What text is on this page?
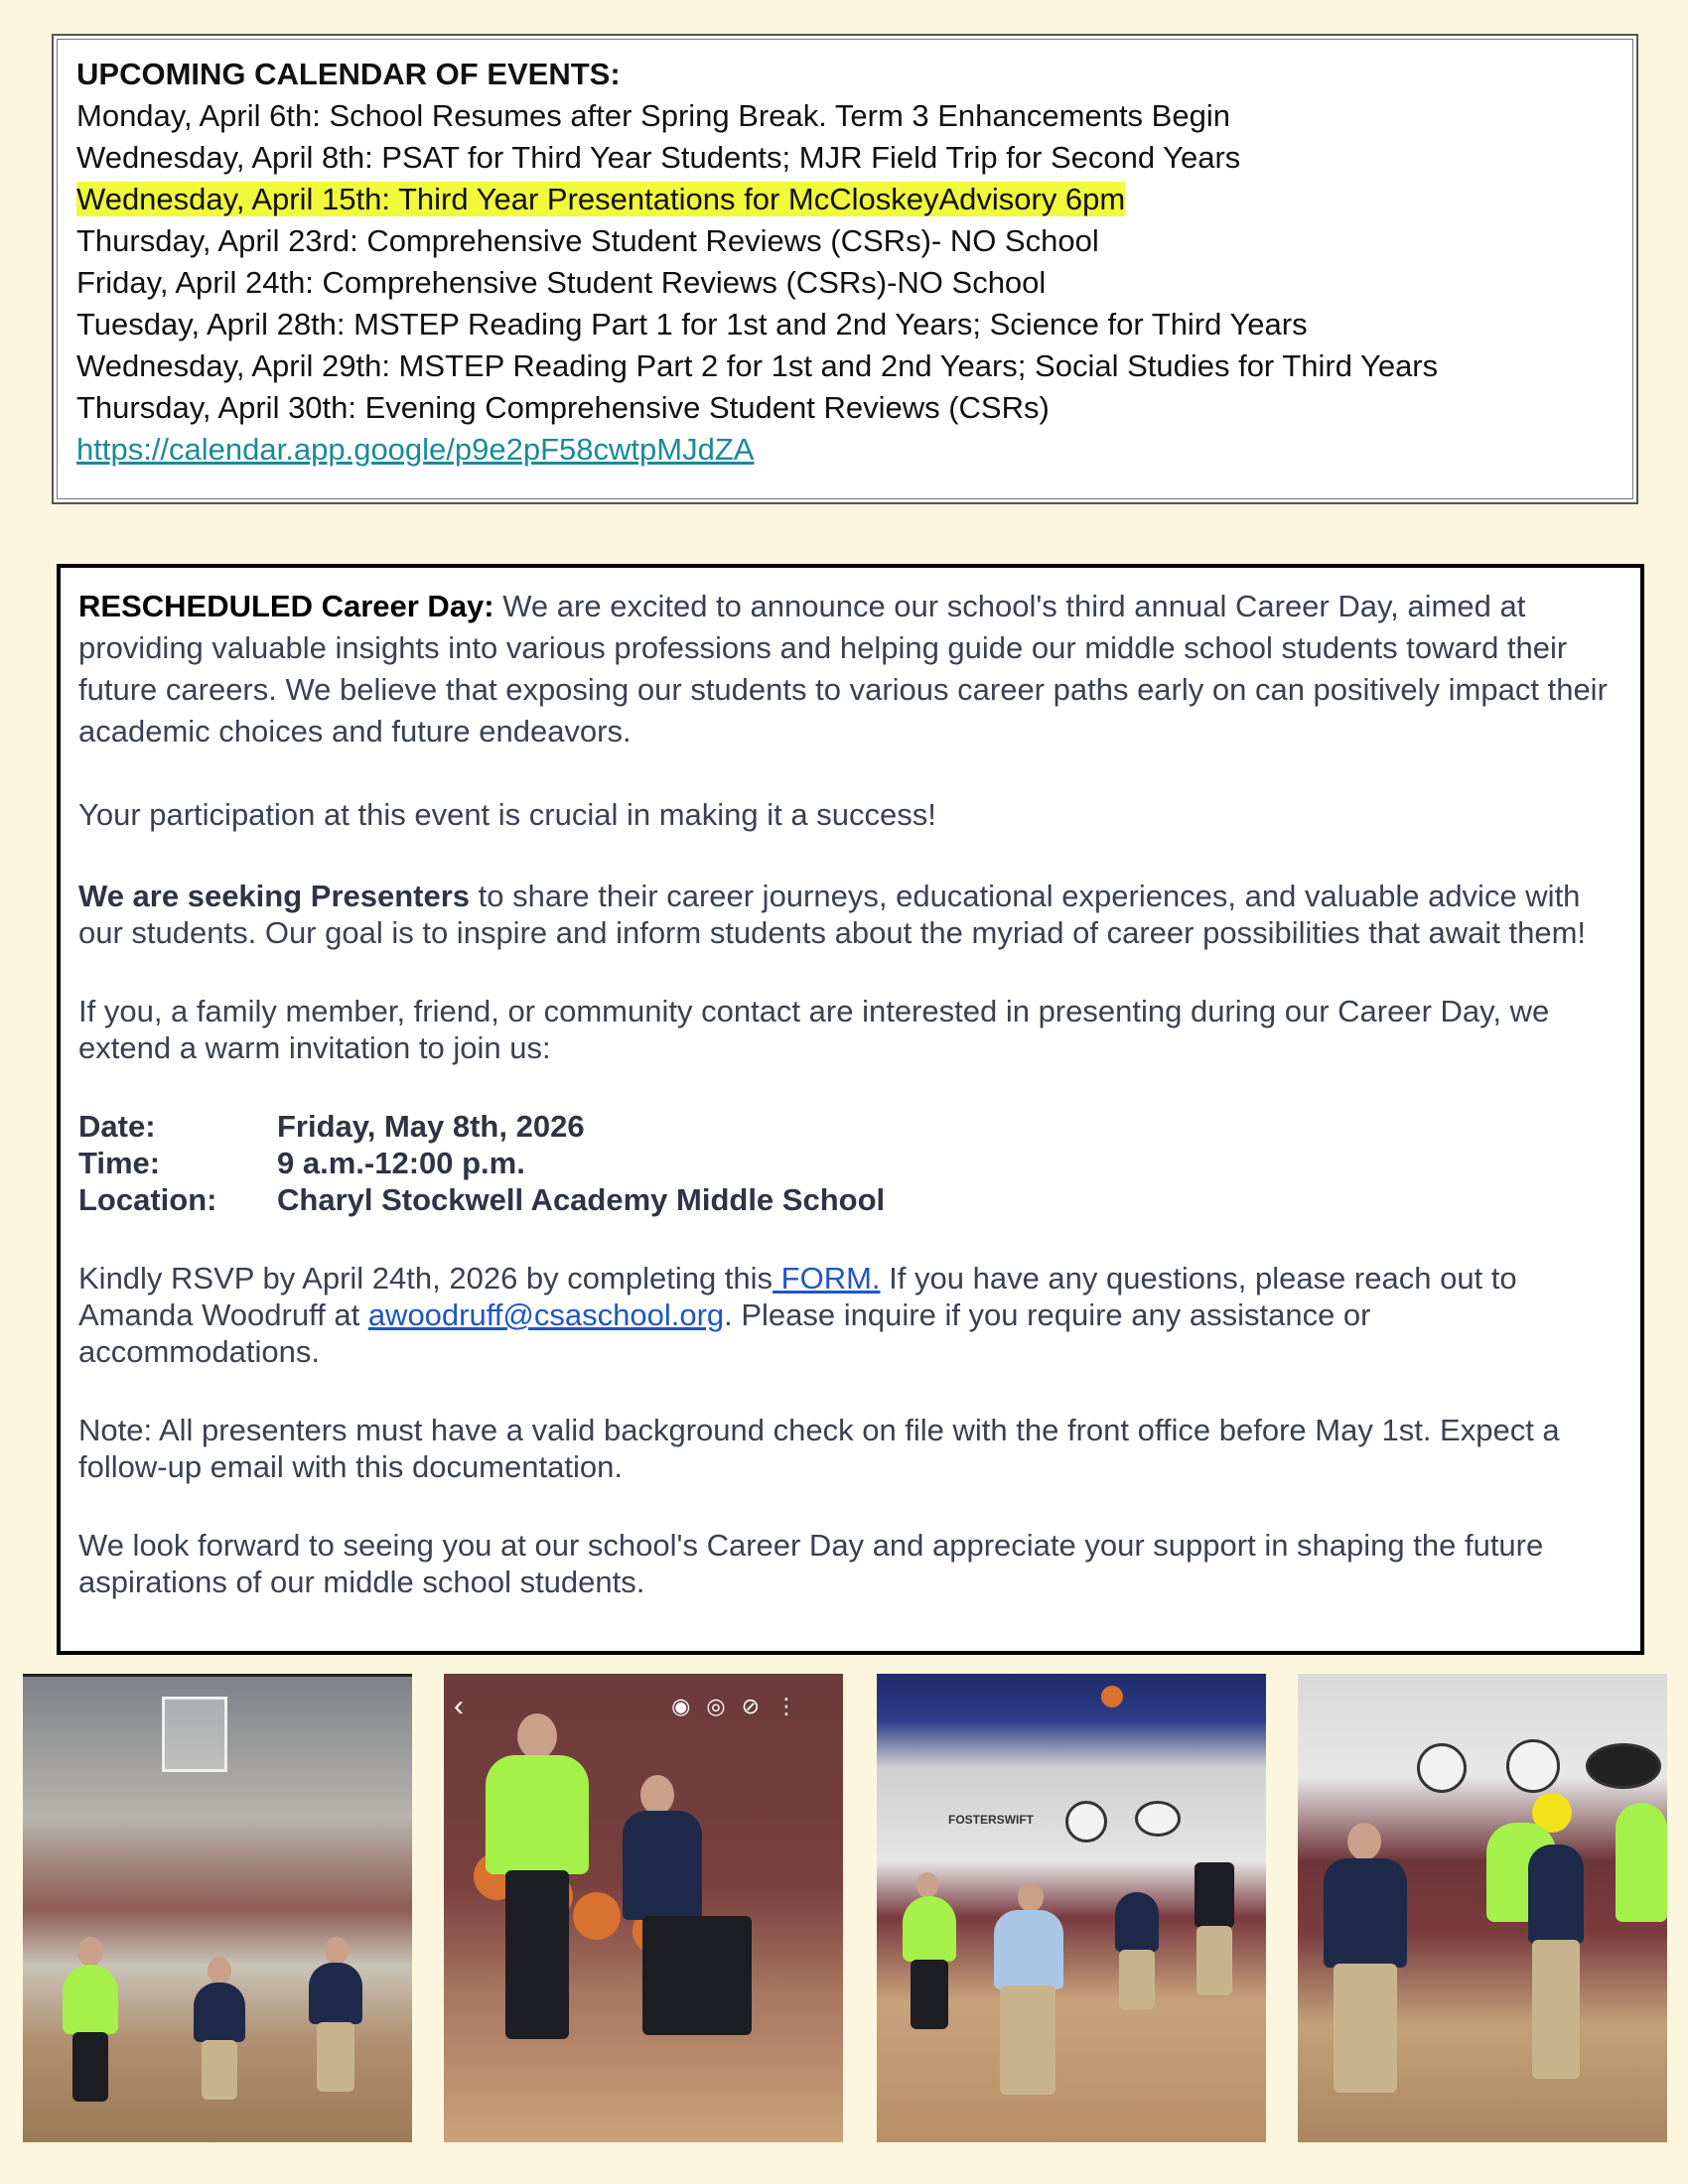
UPCOMING CALENDAR OF EVENTS:
Monday, April 6th: School Resumes after Spring Break. Term 3 Enhancements Begin
Wednesday, April 8th: PSAT for Third Year Students; MJR Field Trip for Second Years
Wednesday, April 15th: Third Year Presentations for McCloskeyAdvisory 6pm
Thursday, April 23rd: Comprehensive Student Reviews (CSRs)- NO School
Friday, April 24th: Comprehensive Student Reviews (CSRs)-NO School
Tuesday, April 28th: MSTEP Reading Part 1 for 1st and 2nd Years; Science for Third Years
Wednesday, April 29th: MSTEP Reading Part 2 for 1st and 2nd Years; Social Studies for Third Years
Thursday, April 30th: Evening Comprehensive Student Reviews (CSRs)
https://calendar.app.google/p9e2pF58cwtpMJdZA

RESCHEDULED Career Day: We are excited to announce our school's third annual Career Day, aimed at providing valuable insights into various professions and helping guide our middle school students toward their future careers. We believe that exposing our students to various career paths early on can positively impact their academic choices and future endeavors.

Your participation at this event is crucial in making it a success!

We are seeking Presenters to share their career journeys, educational experiences, and valuable advice with our students. Our goal is to inspire and inform students about the myriad of career possibilities that await them!

If you, a family member, friend, or community contact are interested in presenting during our Career Day, we extend a warm invitation to join us:

Date:	Friday, May 8th, 2026
Time:	9 a.m.-12:00 p.m.
Location:	Charyl Stockwell Academy Middle School

Kindly RSVP by April 24th, 2026 by completing this FORM. If you have any questions, please reach out to Amanda Woodruff at awoodruff@csaschool.org. Please inquire if you require any assistance or accommodations.

Note: All presenters must have a valid background check on file with the front office before May 1st. Expect a follow-up email with this documentation.

We look forward to seeing you at our school's Career Day and appreciate your support in shaping the future aspirations of our middle school students.

‹	◉◎⊘⋮
FOSTERSWIFT
